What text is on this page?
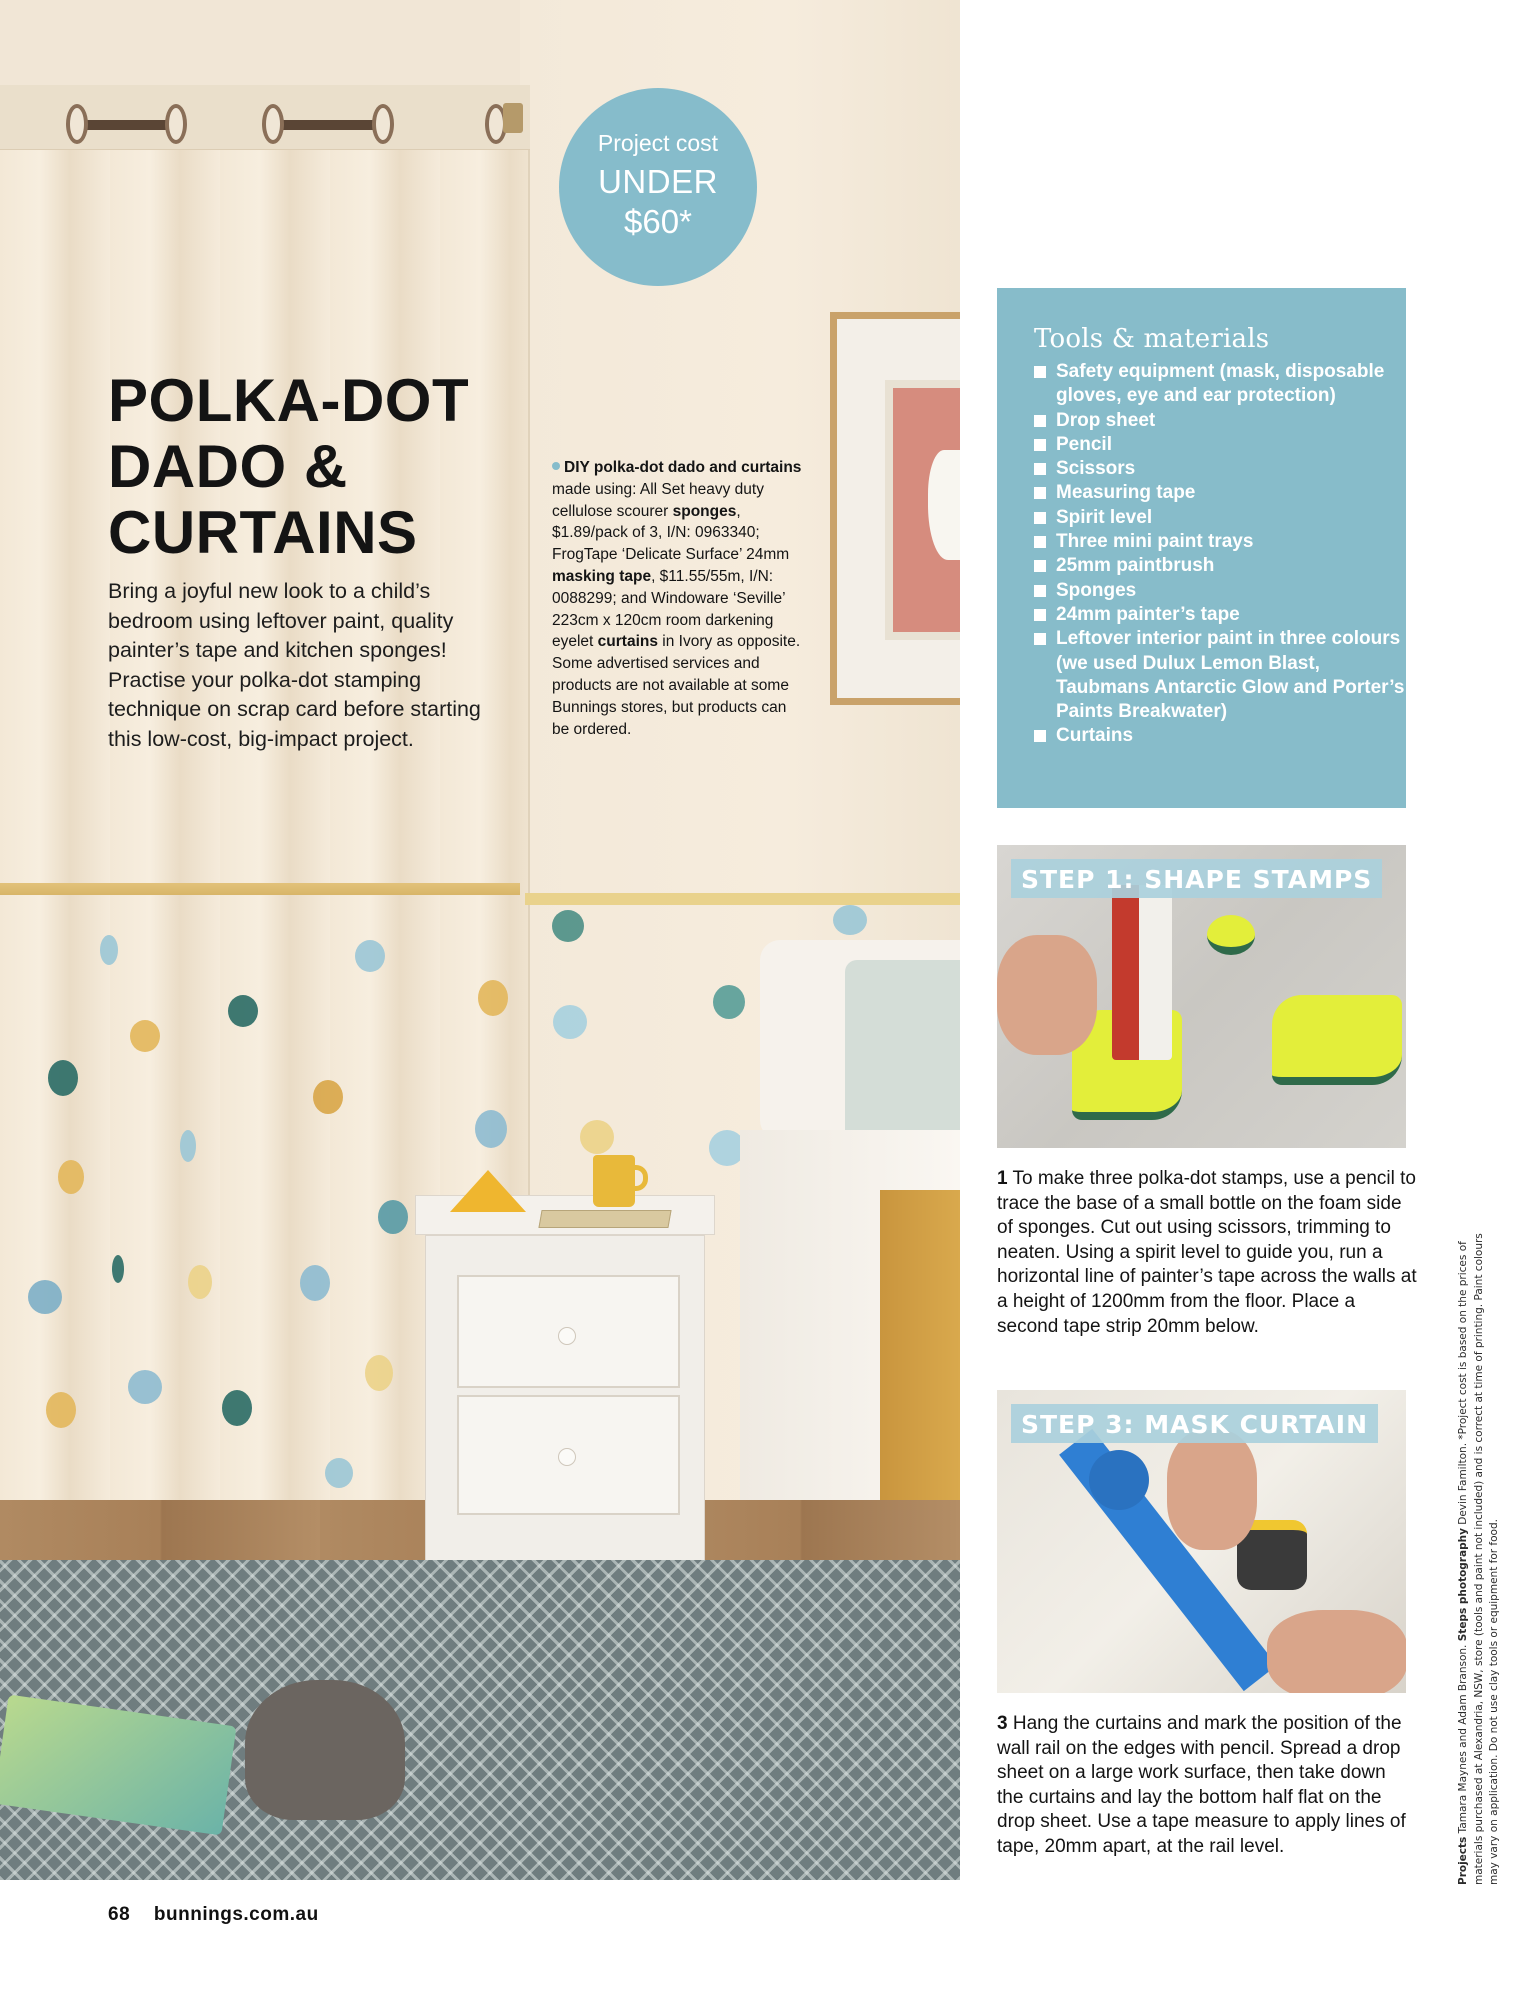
Project cost
UNDER
$60*
POLKA-DOT
DADO &
CURTAINS

Bring a joyful new look to a child’s bedroom using leftover paint, quality painter’s tape and kitchen sponges! Practise your polka-dot stamping technique on scrap card before starting this low-cost, big-impact project.

DIY polka-dot dado and curtains made using: All Set heavy duty cellulose scourer sponges, $1.89/pack of 3, I/N: 0963340; FrogTape ‘Delicate Surface’ 24mm masking tape, $11.55/55m, I/N: 0088299; and Windoware ‘Seville’ 223cm x 120cm room darkening eyelet curtains in Ivory as opposite. Some advertised services and products are not available at some Bunnings stores, but products can be ordered.

68 bunnings.com.au
Tools & materials
Safety equipment (mask, disposable gloves, eye and ear protection)
Drop sheet
Pencil
Scissors
Measuring tape
Spirit level
Three mini paint trays
25mm paintbrush
Sponges
24mm painter’s tape
Leftover interior paint in three colours (we used Dulux Lemon Blast, Taubmans Antarctic Glow and Porter’s Paints Breakwater)
Curtains
STEP 1: SHAPE STAMPS

1 To make three polka-dot stamps, use a pencil to trace the base of a small bottle on the foam side of sponges. Cut out using scissors, trimming to neaten. Using a spirit level to guide you, run a horizontal line of painter’s tape across the walls at a height of 1200mm from the floor. Place a second tape strip 20mm below.

STEP 3: MASK CURTAIN

3 Hang the curtains and mark the position of the wall rail on the edges with pencil. Spread a drop sheet on a large work surface, then take down the curtains and lay the bottom half flat on the drop sheet. Use a tape measure to apply lines of tape, 20mm apart, at the rail level.	Projects Tamara Maynes and Adam Branson. Steps photography Devin Familton. *Project cost is based on the prices of materials purchased at Alexandria, NSW, store (tools and paint not included) and is correct at time of printing. Paint colours may vary on application. Do not use clay tools or equipment for food.
